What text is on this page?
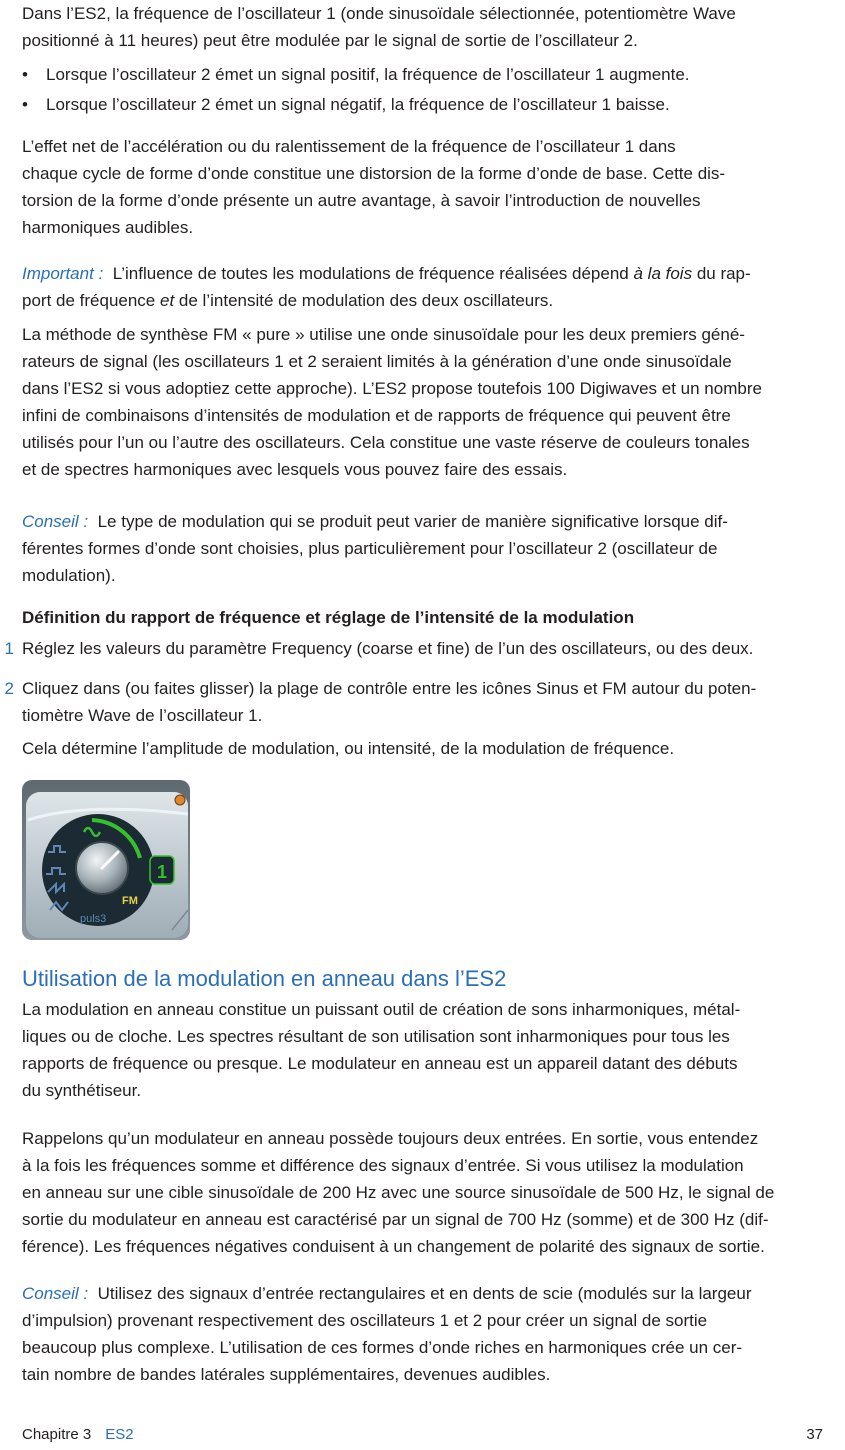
Dans l’ES2, la fréquence de l’oscillateur 1 (onde sinusoïdale sélectionnée, potentiomètre Wave
positionné à 11 heures) peut être modulée par le signal de sortie de l’oscillateur 2.
• Lorsque l’oscillateur 2 émet un signal positif, la fréquence de l’oscillateur 1 augmente.
• Lorsque l’oscillateur 2 émet un signal négatif, la fréquence de l’oscillateur 1 baisse.
L’effet net de l’accélération ou du ralentissement de la fréquence de l’oscillateur 1 dans
chaque cycle de forme d’onde constitue une distorsion de la forme d’onde de base. Cette dis-
torsion de la forme d’onde présente un autre avantage, à savoir l’introduction de nouvelles
harmoniques audibles.
Important : L’influence de toutes les modulations de fréquence réalisées dépend à la fois du rap-
port de fréquence et de l’intensité de modulation des deux oscillateurs.
La méthode de synthèse FM « pure » utilise une onde sinusoïdale pour les deux premiers géné-
rateurs de signal (les oscillateurs 1 et 2 seraient limités à la génération d’une onde sinusoïdale
dans l’ES2 si vous adoptiez cette approche). L’ES2 propose toutefois 100 Digiwaves et un nombre
infini de combinaisons d’intensités de modulation et de rapports de fréquence qui peuvent être
utilisés pour l’un ou l’autre des oscillateurs. Cela constitue une vaste réserve de couleurs tonales
et de spectres harmoniques avec lesquels vous pouvez faire des essais.
Conseil : Le type de modulation qui se produit peut varier de manière significative lorsque dif-
férentes formes d’onde sont choisies, plus particulièrement pour l’oscillateur 2 (oscillateur de
modulation).
Définition du rapport de fréquence et réglage de l’intensité de la modulation
1 Réglez les valeurs du paramètre Frequency (coarse et fine) de l’un des oscillateurs, ou des deux.
2 Cliquez dans (ou faites glisser) la plage de contrôle entre les icônes Sinus et FM autour du poten-
tiomètre Wave de l’oscillateur 1.
Cela détermine l’amplitude de modulation, ou intensité, de la modulation de fréquence.
FM
puls3
1
Utilisation de la modulation en anneau dans l’ES2
La modulation en anneau constitue un puissant outil de création de sons inharmoniques, métal-
liques ou de cloche. Les spectres résultant de son utilisation sont inharmoniques pour tous les
rapports de fréquence ou presque. Le modulateur en anneau est un appareil datant des débuts
du synthétiseur.
Rappelons qu’un modulateur en anneau possède toujours deux entrées. En sortie, vous entendez
à la fois les fréquences somme et différence des signaux d’entrée. Si vous utilisez la modulation
en anneau sur une cible sinusoïdale de 200 Hz avec une source sinusoïdale de 500 Hz, le signal de
sortie du modulateur en anneau est caractérisé par un signal de 700 Hz (somme) et de 300 Hz (dif-
férence). Les fréquences négatives conduisent à un changement de polarité des signaux de sortie.
Conseil : Utilisez des signaux d’entrée rectangulaires et en dents de scie (modulés sur la largeur
d’impulsion) provenant respectivement des oscillateurs 1 et 2 pour créer un signal de sortie
beaucoup plus complexe. L’utilisation de ces formes d’onde riches en harmoniques crée un cer-
tain nombre de bandes latérales supplémentaires, devenues audibles.
Chapitre 3 ES2	37
